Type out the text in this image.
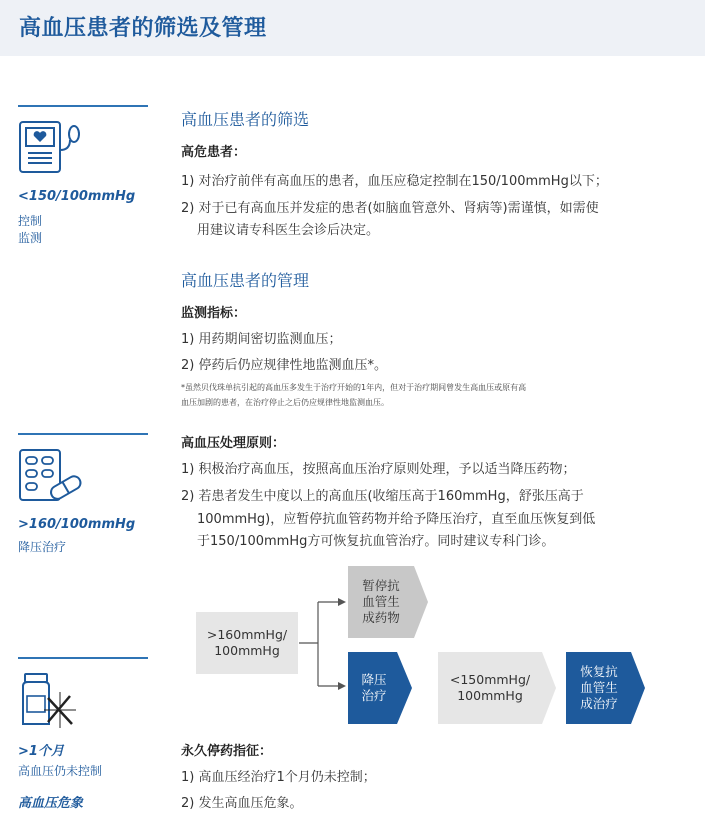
高血压患者的筛选及管理
<150/100mmHg
控制
监测
>160/100mmHg
降压治疗
>1个月
高血压仍未控制
高血压危象
高血压患者的筛选
高危患者：
1) 对治疗前伴有高血压的患者，血压应稳定控制在150/100mmHg以下；
2) 对于已有高血压并发症的患者(如脑血管意外、肾病等)需谨慎，如需使
用建议请专科医生会诊后决定。
高血压患者的管理
监测指标：
1) 用药期间密切监测血压；
2) 停药后仍应规律性地监测血压*。
*虽然贝伐珠单抗引起的高血压多发生于治疗开始的1年内，但对于治疗期间曾发生高血压或原有高
血压加剧的患者，在治疗停止之后仍应规律性地监测血压。
高血压处理原则：
1) 积极治疗高血压，按照高血压治疗原则处理，予以适当降压药物；
2) 若患者发生中度以上的高血压(收缩压高于160mmHg，舒张压高于
100mmHg)，应暂停抗血管药物并给予降压治疗，直至血压恢复到低
于150/100mmHg方可恢复抗血管治疗。同时建议专科门诊。
>160mmHg/
100mmHg
暂停抗
血管生
成药物
降压
治疗
<150mmHg/
100mmHg
恢复抗
血管生
成治疗
永久停药指征：
1) 高血压经治疗1个月仍未控制；
2) 发生高血压危象。
